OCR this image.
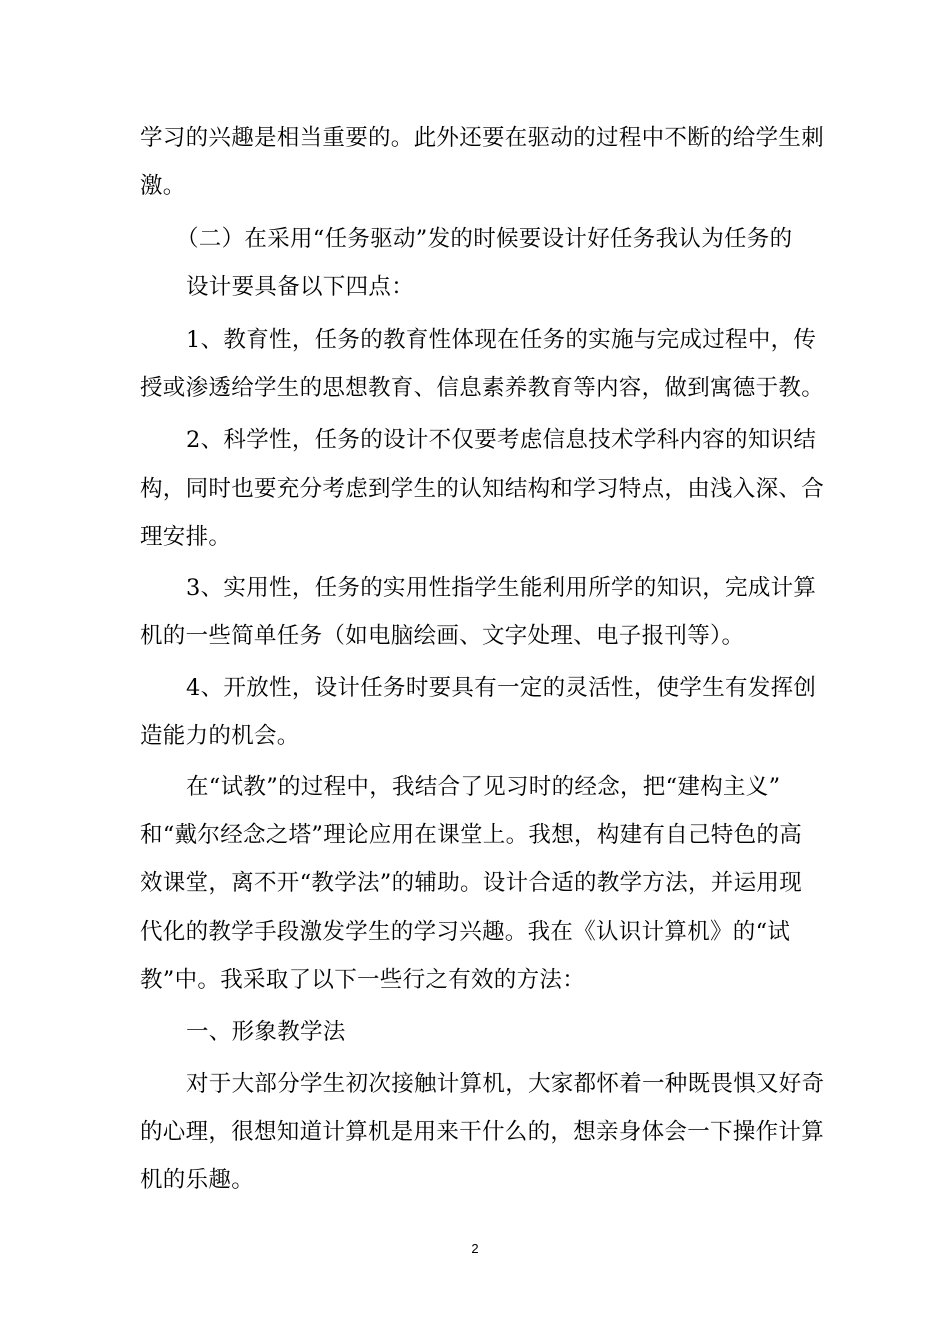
学习的兴趣是相当重要的。此外还要在驱动的过程中不断的给学生刺
激。
（二）在采用“任务驱动”发的时候要设计好任务我认为任务的
设计要具备以下四点：
1、教育性，任务的教育性体现在任务的实施与完成过程中，传
授或渗透给学生的思想教育、信息素养教育等内容，做到寓德于教。
2、科学性，任务的设计不仅要考虑信息技术学科内容的知识结
构，同时也要充分考虑到学生的认知结构和学习特点，由浅入深、合
理安排。
3、实用性，任务的实用性指学生能利用所学的知识，完成计算
机的一些简单任务（如电脑绘画、文字处理、电子报刊等）。
4、开放性，设计任务时要具有一定的灵活性，使学生有发挥创
造能力的机会。
在“试教”的过程中，我结合了见习时的经念，把“建构主义”
和“戴尔经念之塔”理论应用在课堂上。我想，构建有自己特色的高
效课堂，离不开“教学法”的辅助。设计合适的教学方法，并运用现
代化的教学手段激发学生的学习兴趣。我在《认识计算机》的“试
教”中。我采取了以下一些行之有效的方法：
一、形象教学法
对于大部分学生初次接触计算机，大家都怀着一种既畏惧又好奇
的心理，很想知道计算机是用来干什么的，想亲身体会一下操作计算
机的乐趣。
2
